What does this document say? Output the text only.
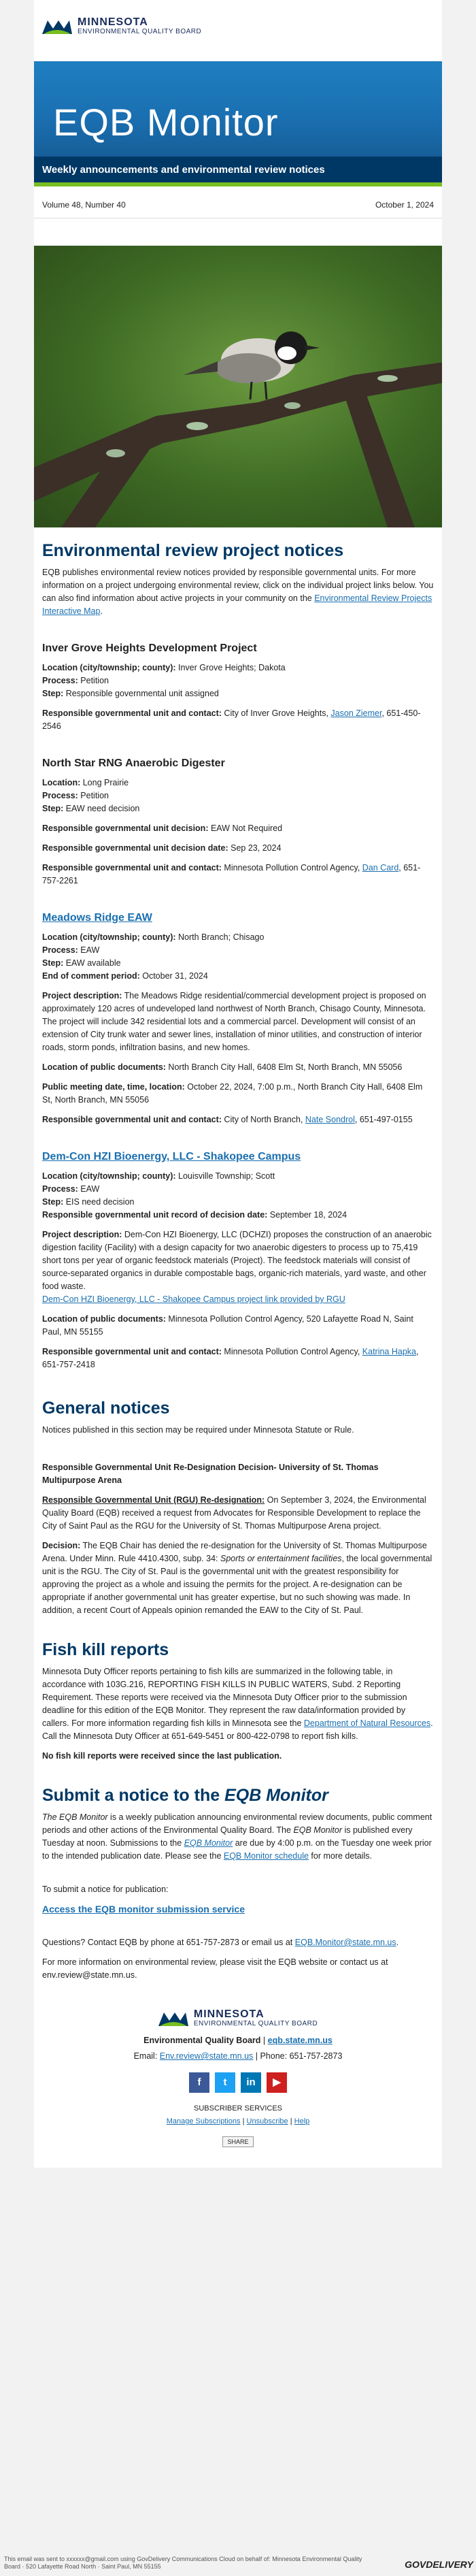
MINNESOTA
ENVIRONMENTAL QUALITY BOARD
EQB Monitor
Weekly announcements and environmental review notices
Volume 48, Number 40	October 1, 2024
Environmental review project notices

EQB publishes environmental review notices provided by responsible governmental units. For more information on a project undergoing environmental review, click on the individual project links below. You can also find information about active projects in your community on the Environmental Review Projects Interactive Map.

Inver Grove Heights Development Project

Location (city/township; county): Inver Grove Heights; Dakota

Process: Petition

Step: Responsible governmental unit assigned

Responsible governmental unit and contact: City of Inver Grove Heights, Jason Ziemer, 651-450-2546

North Star RNG Anaerobic Digester

Location: Long Prairie

Process: Petition

Step: EAW need decision

Responsible governmental unit decision: EAW Not Required

Responsible governmental unit decision date: Sep 23, 2024

Responsible governmental unit and contact: Minnesota Pollution Control Agency, Dan Card, 651-757-2261

Meadows Ridge EAW

Location (city/township; county): North Branch; Chisago

Process: EAW

Step: EAW available

End of comment period: October 31, 2024

Project description: The Meadows Ridge residential/commercial development project is proposed on approximately 120 acres of undeveloped land northwest of North Branch, Chisago County, Minnesota. The project will include 342 residential lots and a commercial parcel. Development will consist of an extension of City trunk water and sewer lines, installation of minor utilities, and construction of interior roads, storm ponds, infiltration basins, and new homes.

Location of public documents: North Branch City Hall, 6408 Elm St, North Branch, MN 55056

Public meeting date, time, location: October 22, 2024, 7:00 p.m., North Branch City Hall, 6408 Elm St, North Branch, MN 55056

Responsible governmental unit and contact: City of North Branch, Nate Sondrol, 651-497-0155

Dem-Con HZI Bioenergy, LLC - Shakopee Campus

Location (city/township; county): Louisville Township; Scott

Process: EAW

Step: EIS need decision

Responsible governmental unit record of decision date: September 18, 2024

Project description: Dem-Con HZI Bioenergy, LLC (DCHZI) proposes the construction of an anaerobic digestion facility (Facility) with a design capacity for two anaerobic digesters to process up to 75,419 short tons per year of organic feedstock materials (Project). The feedstock materials will consist of source-separated organics in durable compostable bags, organic-rich materials, yard waste, and other food waste.
Dem-Con HZI Bioenergy, LLC - Shakopee Campus project link provided by RGU

Location of public documents: Minnesota Pollution Control Agency, 520 Lafayette Road N, Saint Paul, MN 55155

Responsible governmental unit and contact: Minnesota Pollution Control Agency, Katrina Hapka, 651-757-2418

General notices

Notices published in this section may be required under Minnesota Statute or Rule.

Responsible Governmental Unit Re-Designation Decision- University of St. Thomas Multipurpose Arena

Responsible Governmental Unit (RGU) Re-designation: On September 3, 2024, the Environmental Quality Board (EQB) received a request from Advocates for Responsible Development to replace the City of Saint Paul as the RGU for the University of St. Thomas Multipurpose Arena project.

Decision: The EQB Chair has denied the re-designation for the University of St. Thomas Multipurpose Arena. Under Minn. Rule 4410.4300, subp. 34: Sports or entertainment facilities, the local governmental unit is the RGU. The City of St. Paul is the governmental unit with the greatest responsibility for approving the project as a whole and issuing the permits for the project. A re-designation can be appropriate if another governmental unit has greater expertise, but no such showing was made. In addition, a recent Court of Appeals opinion remanded the EAW to the City of St. Paul.

Fish kill reports

Minnesota Duty Officer reports pertaining to fish kills are summarized in the following table, in accordance with 103G.216, REPORTING FISH KILLS IN PUBLIC WATERS, Subd. 2 Reporting Requirement. These reports were received via the Minnesota Duty Officer prior to the submission deadline for this edition of the EQB Monitor. They represent the raw data/information provided by callers. For more information regarding fish kills in Minnesota see the Department of Natural Resources. Call the Minnesota Duty Officer at 651-649-5451 or 800-422-0798 to report fish kills.

No fish kill reports were received since the last publication.

Submit a notice to the EQB Monitor

The EQB Monitor is a weekly publication announcing environmental review documents, public comment periods and other actions of the Environmental Quality Board. The EQB Monitor is published every Tuesday at noon. Submissions to the EQB Monitor are due by 4:00 p.m. on the Tuesday one week prior to the intended publication date. Please see the EQB Monitor schedule for more details.

To submit a notice for publication:

Access the EQB monitor submission service

Questions? Contact EQB by phone at 651-757-2873 or email us at EQB.Monitor@state.mn.us.

For more information on environmental review, please visit the EQB website or contact us at env.review@state.mn.us.

MINNESOTA
ENVIRONMENTAL QUALITY BOARD

Environmental Quality Board | eqb.state.mn.us

Email: Env.review@state.mn.us | Phone: 651-757-2873

f	t	in	▶

SUBSCRIBER SERVICES

Manage Subscriptions | Unsubscribe | Help

SHARE
This email was sent to xxxxxx@gmail.com using GovDelivery Communications Cloud on behalf of: Minnesota Environmental Quality Board · 520 Lafayette Road North · Saint Paul, MN 55155	GOVDELIVERY
